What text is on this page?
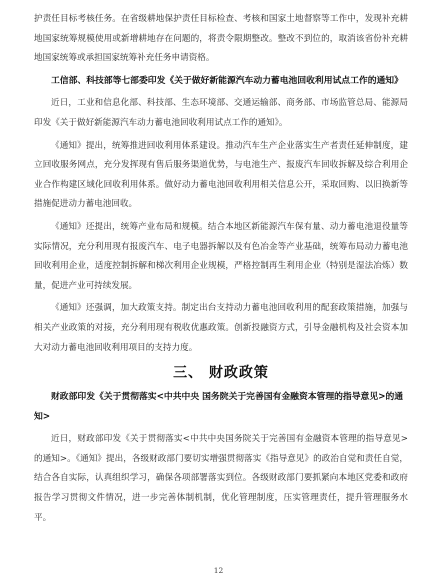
护责任目标考核任务。在省级耕地保护责任目标检查、考核和国家土地督察等工作中，发现补充耕地国家统筹规模使用或新增耕地存在问题的，将责令限期整改。整改不到位的，取消该省份补充耕地国家统筹或承担国家统筹补充任务申请资格。

工信部、科技部等七部委印发《关于做好新能源汽车动力蓄电池回收利用试点工作的通知》

近日，工业和信息化部、科技部、生态环境部、交通运输部、商务部、市场监管总局、能源局印发《关于做好新能源汽车动力蓄电池回收利用试点工作的通知》。

《通知》提出，统筹推进回收利用体系建设。推动汽车生产企业落实生产者责任延伸制度，建立回收服务网点，充分发挥现有售后服务渠道优势，与电池生产、报废汽车回收拆解及综合利用企业合作构建区域化回收利用体系。做好动力蓄电池回收利用相关信息公开，采取回购、以旧换新等措施促进动力蓄电池回收。

《通知》还提出，统筹产业布局和规模。结合本地区新能源汽车保有量、动力蓄电池退役量等实际情况，充分利用现有报废汽车、电子电器拆解以及有色冶金等产业基础，统筹布局动力蓄电池回收利用企业，适度控制拆解和梯次利用企业规模，严格控制再生利用企业（特别是湿法冶炼）数量，促进产业可持续发展。

《通知》还强调，加大政策支持。制定出台支持动力蓄电池回收利用的配套政策措施，加强与相关产业政策的对接，充分利用现有税收优惠政策。创新投融资方式，引导金融机构及社会资本加大对动力蓄电池回收利用项目的支持力度。

三、 财政政策

财政部印发《关于贯彻落实<中共中央 国务院关于完善国有金融资本管理的指导意见>的通知>

近日，财政部印发《关于贯彻落实<中共中央国务院关于完善国有金融资本管理的指导意见>的通知>。《通知》提出，各级财政部门要切实增强贯彻落实《指导意见》的政治自觉和责任自觉，结合各自实际，认真组织学习，确保各项部署落实到位。各级财政部门要抓紧向本地区党委和政府报告学习贯彻文件情况，进一步完善体制机制，优化管理制度，压实管理责任，提升管理服务水平。

12
